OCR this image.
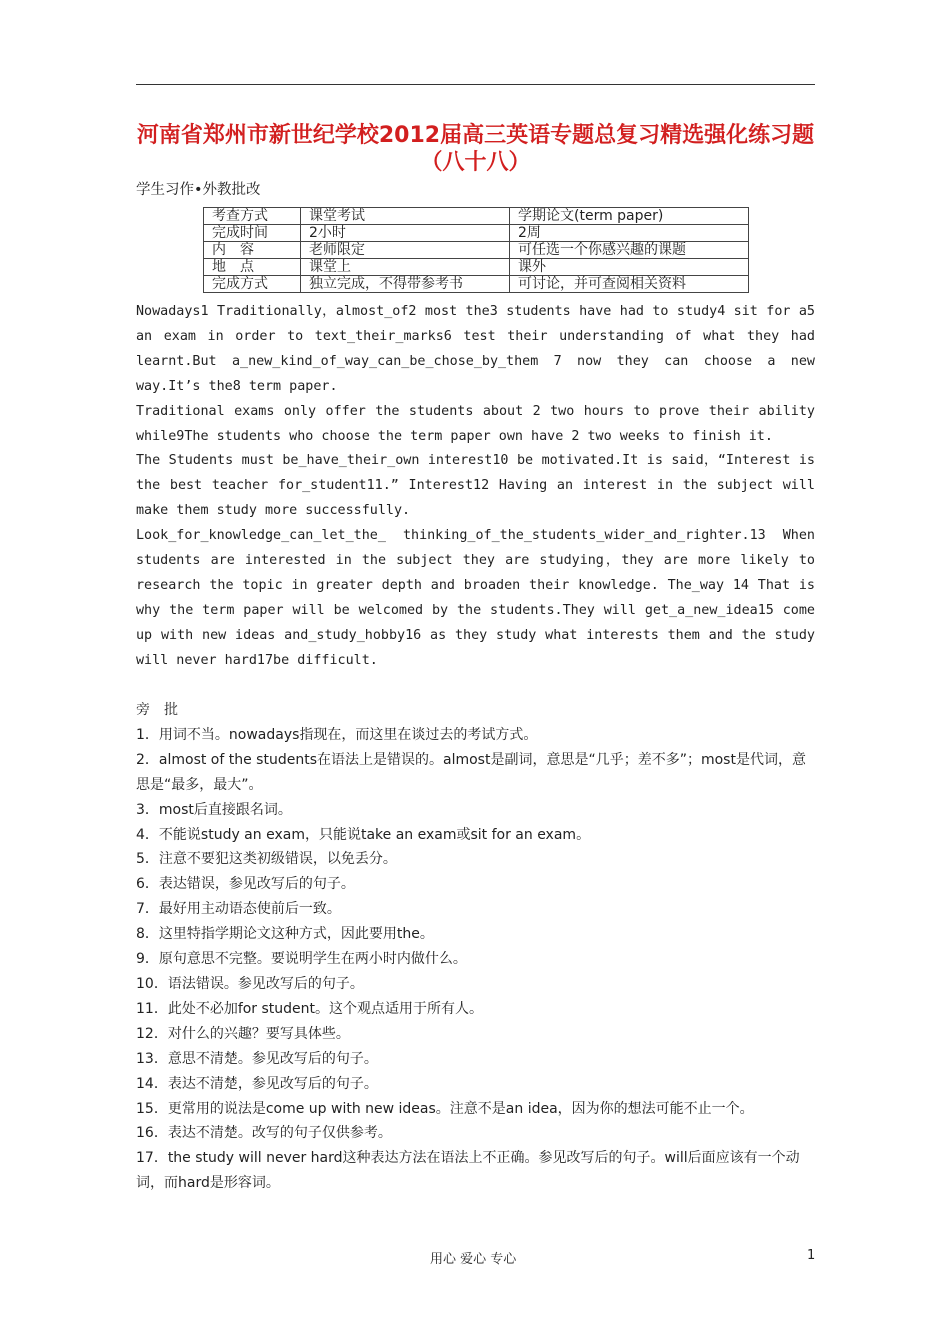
河南省郑州市新世纪学校2012届高三英语专题总复习精选强化练习题（八十八）
学生习作•外教批改
考查方式	课堂考试	学期论文(term paper)
完成时间	2小时	2周
内　容	老师限定	可任选一个你感兴趣的课题
地　点	课堂上	课外
完成方式	独立完成，不得带参考书	可讨论，并可查阅相关资料

Nowadays1 Traditionally，almost_of2 most the3 students have had to study4 sit for a5 an exam in order to text_their_marks6 test their understanding of what they had learnt.But a_new_kind_of_way_can_be_chose_by_them 7 now they can choose a new way.It’s the8 term paper.

Traditional exams only offer the students about 2 two hours to prove their ability while9The students who choose the term paper own have 2 two weeks to finish it.

The Students must be_have_their_own interest10 be motivated.It is said，“Interest is the best teacher for_student11.” Interest12 Having an interest in the subject will make them study more successfully.

Look_for_knowledge_can_let_the_ thinking_of_the_students_wider_and_righter.13 When students are interested in the subject they are studying，they are more likely to research the topic in greater depth and broaden their knowledge. The_way 14 That is why the term paper will be welcomed by the students.They will get_a_new_idea15 come up with new ideas and_study_hobby16 as they study what interests them and the study will never hard17be difficult.

旁　批

1．用词不当。nowadays指现在，而这里在谈过去的考试方式。

2．almost of the students在语法上是错误的。almost是副词，意思是“几乎；差不多”；most是代词，意思是“最多，最大”。

3．most后直接跟名词。

4．不能说study an exam，只能说take an exam或sit for an exam。

5．注意不要犯这类初级错误，以免丢分。

6．表达错误，参见改写后的句子。

7．最好用主动语态使前后一致。

8．这里特指学期论文这种方式，因此要用the。

9．原句意思不完整。要说明学生在两小时内做什么。

10．语法错误。参见改写后的句子。

11．此处不必加for student。这个观点适用于所有人。

12．对什么的兴趣？要写具体些。

13．意思不清楚。参见改写后的句子。

14．表达不清楚，参见改写后的句子。

15．更常用的说法是come up with new ideas。注意不是an idea，因为你的想法可能不止一个。

16．表达不清楚。改写的句子仅供参考。

17．the study will never hard这种表达方法在语法上不正确。参见改写后的句子。will后面应该有一个动词，而hard是形容词。

用心 爱心 专心	1
